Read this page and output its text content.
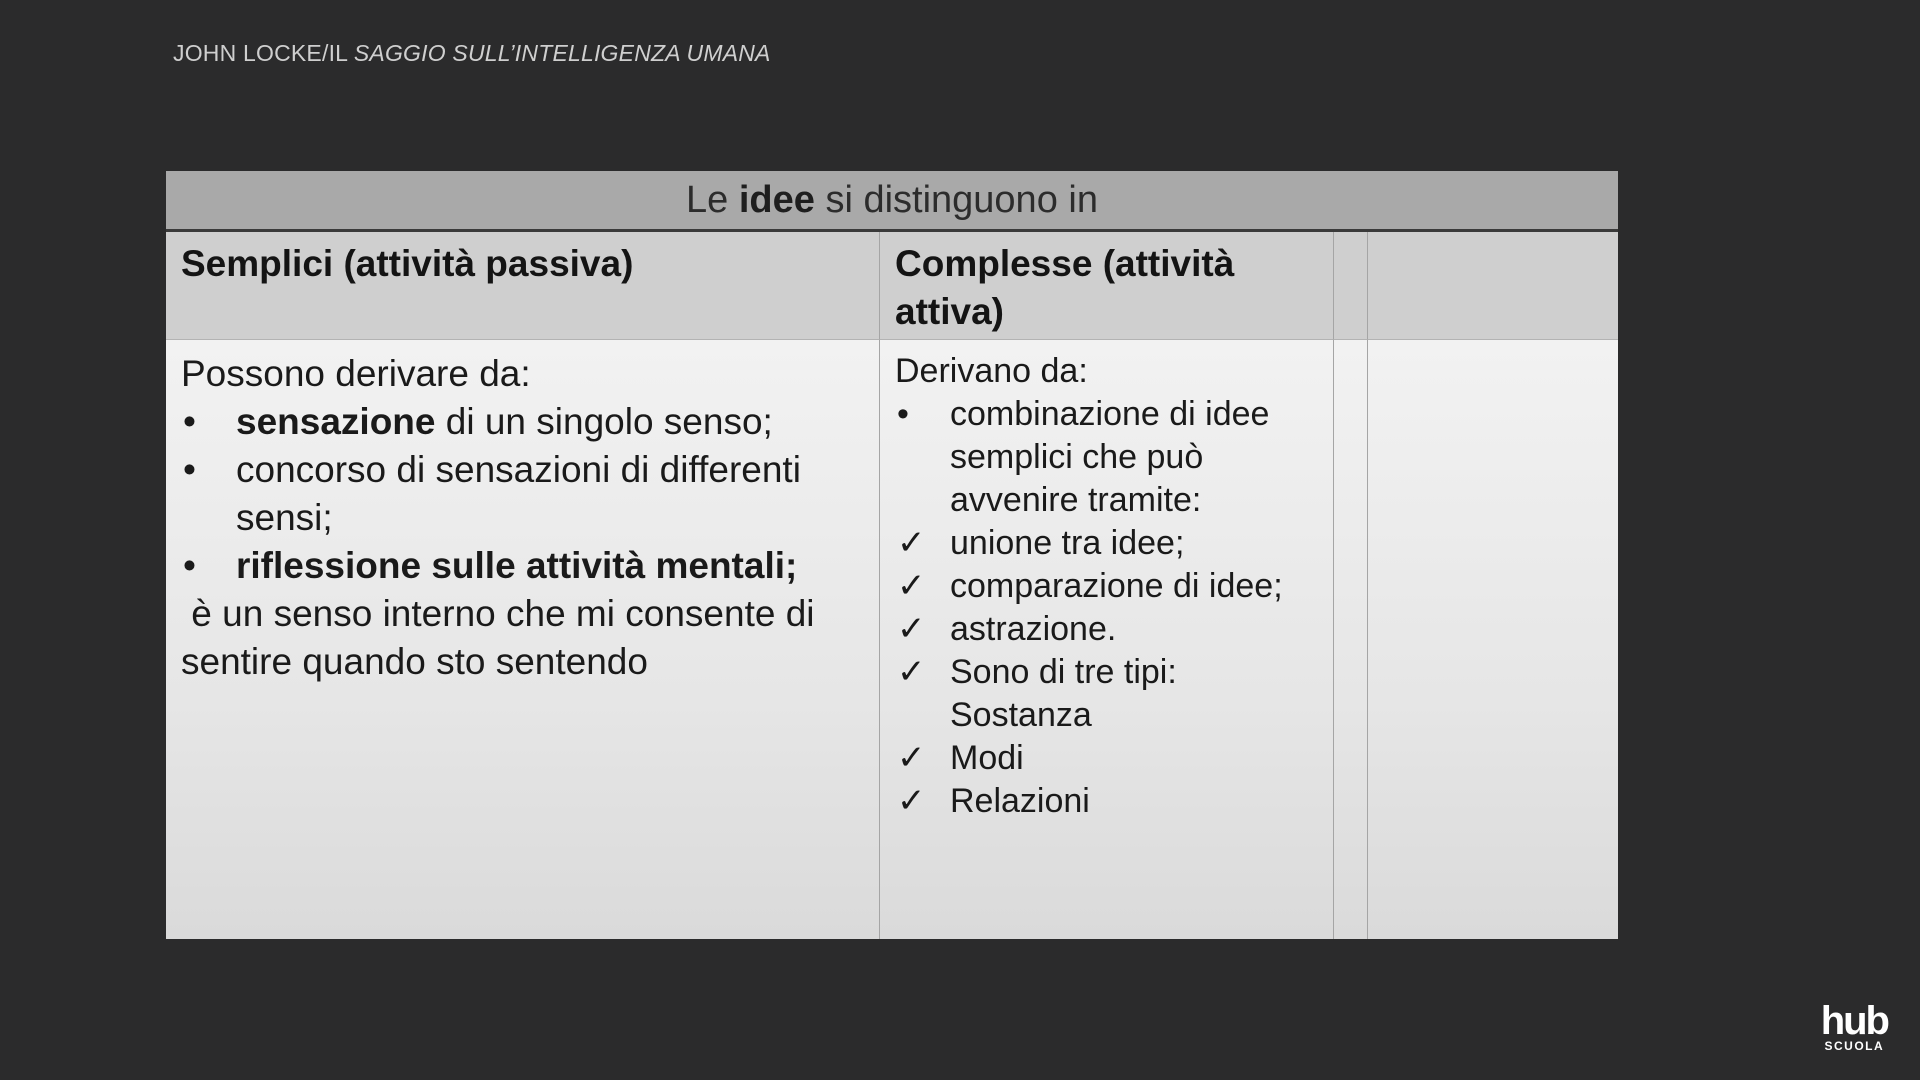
JOHN LOCKE/IL SAGGIO SULL’INTELLIGENZA UMANA
Le idee si distinguono in
Semplici (attività passiva)	Complesse (attività attiva)
Possono derivare da:
•	sensazione di un singolo senso;
•	concorso di sensazioni di differenti sensi;
•	riflessione sulle attività mentali;
è un senso interno che mi consente di sentire quando sto sentendo
Derivano da:
•	combinazione di idee semplici che può avvenire tramite:
✓ unione tra idee;
✓ comparazione di idee;
✓ astrazione.
✓ Sono di tre tipi: Sostanza
✓ Modi
✓ Relazioni
hub
SCUOLA
